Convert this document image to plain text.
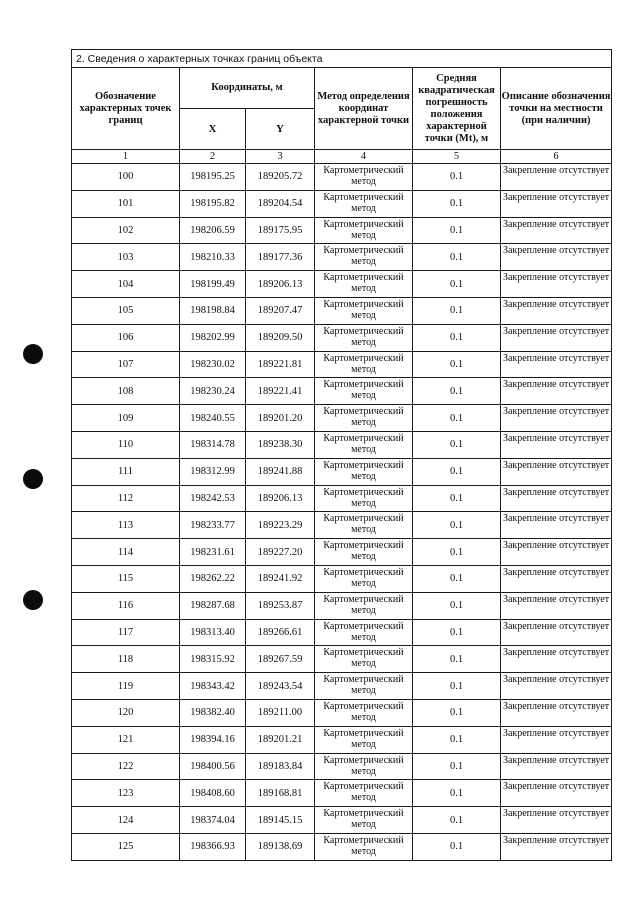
2. Сведения о характерных точках границ объекта					
Обозначение характерных точек границ	Координаты, м		Метод определения координат характерной точки	Средняя квадратическая погрешность положения характерной точки (Mt), м	Описание обозначения точки на местности (при наличии)
	X	Y			
1	2	3	4	5	6
100	198195.25	189205.72	Картометрический метод	0.1	Закрепление отсутствует
101	198195.82	189204.54	Картометрический метод	0.1	Закрепление отсутствует
102	198206.59	189175.95	Картометрический метод	0.1	Закрепление отсутствует
103	198210.33	189177.36	Картометрический метод	0.1	Закрепление отсутствует
104	198199.49	189206.13	Картометрический метод	0.1	Закрепление отсутствует
105	198198.84	189207.47	Картометрический метод	0.1	Закрепление отсутствует
106	198202.99	189209.50	Картометрический метод	0.1	Закрепление отсутствует
107	198230.02	189221.81	Картометрический метод	0.1	Закрепление отсутствует
108	198230.24	189221.41	Картометрический метод	0.1	Закрепление отсутствует
109	198240.55	189201.20	Картометрический метод	0.1	Закрепление отсутствует
110	198314.78	189238.30	Картометрический метод	0.1	Закрепление отсутствует
111	198312.99	189241.88	Картометрический метод	0.1	Закрепление отсутствует
112	198242.53	189206.13	Картометрический метод	0.1	Закрепление отсутствует
113	198233.77	189223.29	Картометрический метод	0.1	Закрепление отсутствует
114	198231.61	189227.20	Картометрический метод	0.1	Закрепление отсутствует
115	198262.22	189241.92	Картометрический метод	0.1	Закрепление отсутствует
116	198287.68	189253.87	Картометрический метод	0.1	Закрепление отсутствует
117	198313.40	189266.61	Картометрический метод	0.1	Закрепление отсутствует
118	198315.92	189267.59	Картометрический метод	0.1	Закрепление отсутствует
119	198343.42	189243.54	Картометрический метод	0.1	Закрепление отсутствует
120	198382.40	189211.00	Картометрический метод	0.1	Закрепление отсутствует
121	198394.16	189201.21	Картометрический метод	0.1	Закрепление отсутствует
122	198400.56	189183.84	Картометрический метод	0.1	Закрепление отсутствует
123	198408.60	189168.81	Картометрический метод	0.1	Закрепление отсутствует
124	198374.04	189145.15	Картометрический метод	0.1	Закрепление отсутствует
125	198366.93	189138.69	Картометрический метод	0.1	Закрепление отсутствует
